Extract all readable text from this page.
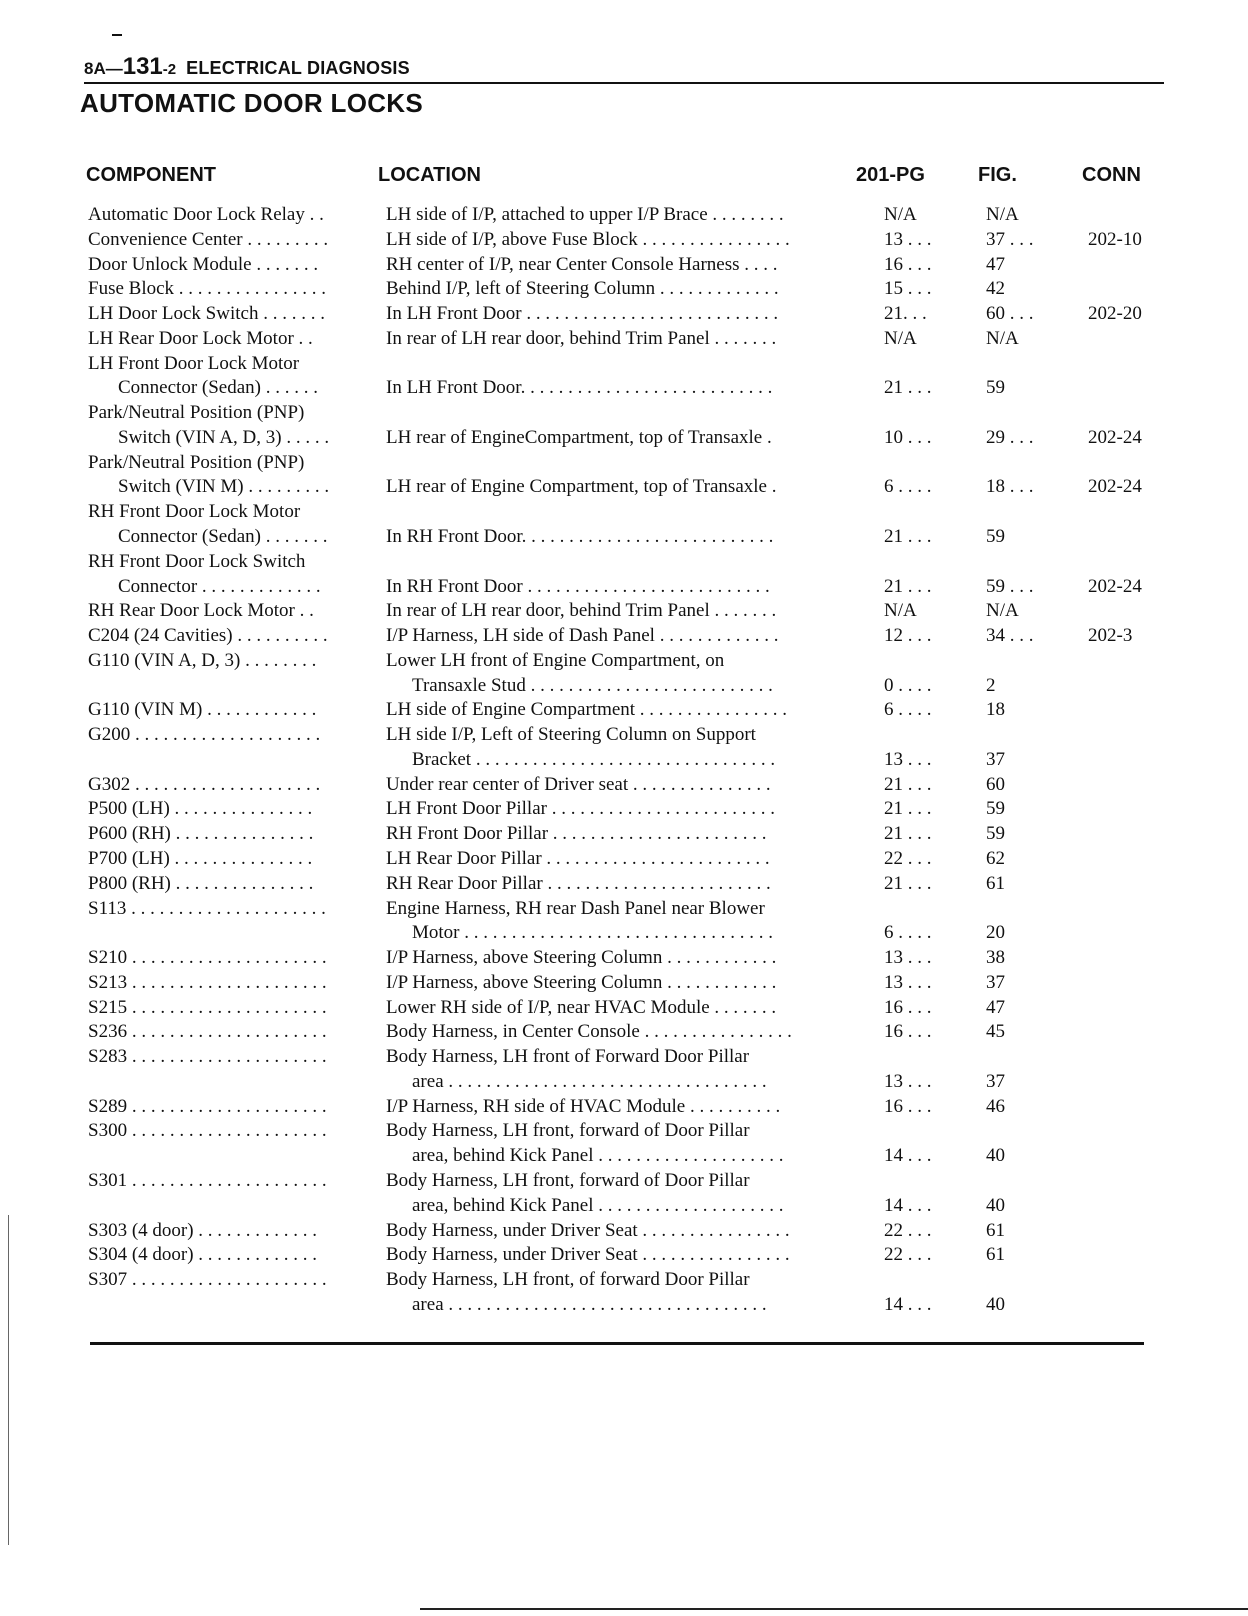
8A—131-2 ELECTRICAL DIAGNOSIS
AUTOMATIC DOOR LOCKS
COMPONENT	LOCATION	201-PG	FIG.	CONN
Automatic Door Lock Relay . .	LH side of I/P, attached to upper I/P Brace . . . . . . . .	N/A	N/A
Convenience Center . . . . . . . . .	LH side of I/P, above Fuse Block . . . . . . . . . . . . . . . .	13 . . .	37 . . .	202-10
Door Unlock Module . . . . . . .	RH center of I/P, near Center Console Harness . . . .	16 . . .	47
Fuse Block . . . . . . . . . . . . . . . .	Behind I/P, left of Steering Column . . . . . . . . . . . . .	15 . . .	42
LH Door Lock Switch . . . . . . .	In LH Front Door . . . . . . . . . . . . . . . . . . . . . . . . . . .	21. . .	60 . . .	202-20
LH Rear Door Lock Motor . .	In rear of LH rear door, behind Trim Panel . . . . . . .	N/A	N/A
LH Front Door Lock Motor
Connector (Sedan) . . . . . .	In LH Front Door. . . . . . . . . . . . . . . . . . . . . . . . . . .	21 . . .	59
Park/Neutral Position (PNP)
Switch (VIN A, D, 3) . . . . .	LH rear of EngineCompartment, top of Transaxle .	10 . . .	29 . . .	202-24
Park/Neutral Position (PNP)
Switch (VIN M) . . . . . . . . .	LH rear of Engine Compartment, top of Transaxle .	6 . . . .	18 . . .	202-24
RH Front Door Lock Motor
Connector (Sedan) . . . . . . .	In RH Front Door. . . . . . . . . . . . . . . . . . . . . . . . . . .	21 . . .	59
RH Front Door Lock Switch
Connector . . . . . . . . . . . . .	In RH Front Door . . . . . . . . . . . . . . . . . . . . . . . . . .	21 . . .	59 . . .	202-24
RH Rear Door Lock Motor . .	In rear of LH rear door, behind Trim Panel . . . . . . .	N/A	N/A
C204 (24 Cavities) . . . . . . . . . .	I/P Harness, LH side of Dash Panel . . . . . . . . . . . . .	12 . . .	34 . . .	202-3
G110 (VIN A, D, 3) . . . . . . . .	Lower LH front of Engine Compartment, on
Transaxle Stud . . . . . . . . . . . . . . . . . . . . . . . . . .	0 . . . .	2
G110 (VIN M) . . . . . . . . . . . .	LH side of Engine Compartment . . . . . . . . . . . . . . . .	6 . . . .	18
G200 . . . . . . . . . . . . . . . . . . . .	LH side I/P, Left of Steering Column on Support
Bracket . . . . . . . . . . . . . . . . . . . . . . . . . . . . . . . .	13 . . .	37
G302 . . . . . . . . . . . . . . . . . . . .	Under rear center of Driver seat . . . . . . . . . . . . . . .	21 . . .	60
P500 (LH) . . . . . . . . . . . . . . .	LH Front Door Pillar . . . . . . . . . . . . . . . . . . . . . . . .	21 . . .	59
P600 (RH) . . . . . . . . . . . . . . .	RH Front Door Pillar . . . . . . . . . . . . . . . . . . . . . . .	21 . . .	59
P700 (LH) . . . . . . . . . . . . . . .	LH Rear Door Pillar . . . . . . . . . . . . . . . . . . . . . . . .	22 . . .	62
P800 (RH) . . . . . . . . . . . . . . .	RH Rear Door Pillar . . . . . . . . . . . . . . . . . . . . . . . .	21 . . .	61
S113 . . . . . . . . . . . . . . . . . . . . .	Engine Harness, RH rear Dash Panel near Blower
Motor . . . . . . . . . . . . . . . . . . . . . . . . . . . . . . . . .	6 . . . .	20
S210 . . . . . . . . . . . . . . . . . . . . .	I/P Harness, above Steering Column . . . . . . . . . . . .	13 . . .	38
S213 . . . . . . . . . . . . . . . . . . . . .	I/P Harness, above Steering Column . . . . . . . . . . . .	13 . . .	37
S215 . . . . . . . . . . . . . . . . . . . . .	Lower RH side of I/P, near HVAC Module . . . . . . .	16 . . .	47
S236 . . . . . . . . . . . . . . . . . . . . .	Body Harness, in Center Console . . . . . . . . . . . . . . . .	16 . . .	45
S283 . . . . . . . . . . . . . . . . . . . . .	Body Harness, LH front of Forward Door Pillar
area . . . . . . . . . . . . . . . . . . . . . . . . . . . . . . . . . .	13 . . .	37
S289 . . . . . . . . . . . . . . . . . . . . .	I/P Harness, RH side of HVAC Module . . . . . . . . . .	16 . . .	46
S300 . . . . . . . . . . . . . . . . . . . . .	Body Harness, LH front, forward of Door Pillar
area, behind Kick Panel . . . . . . . . . . . . . . . . . . . .	14 . . .	40
S301 . . . . . . . . . . . . . . . . . . . . .	Body Harness, LH front, forward of Door Pillar
area, behind Kick Panel . . . . . . . . . . . . . . . . . . . .	14 . . .	40
S303 (4 door) . . . . . . . . . . . . .	Body Harness, under Driver Seat . . . . . . . . . . . . . . . .	22 . . .	61
S304 (4 door) . . . . . . . . . . . . .	Body Harness, under Driver Seat . . . . . . . . . . . . . . . .	22 . . .	61
S307 . . . . . . . . . . . . . . . . . . . . .	Body Harness, LH front, of forward Door Pillar
area . . . . . . . . . . . . . . . . . . . . . . . . . . . . . . . . . .	14 . . .	40
